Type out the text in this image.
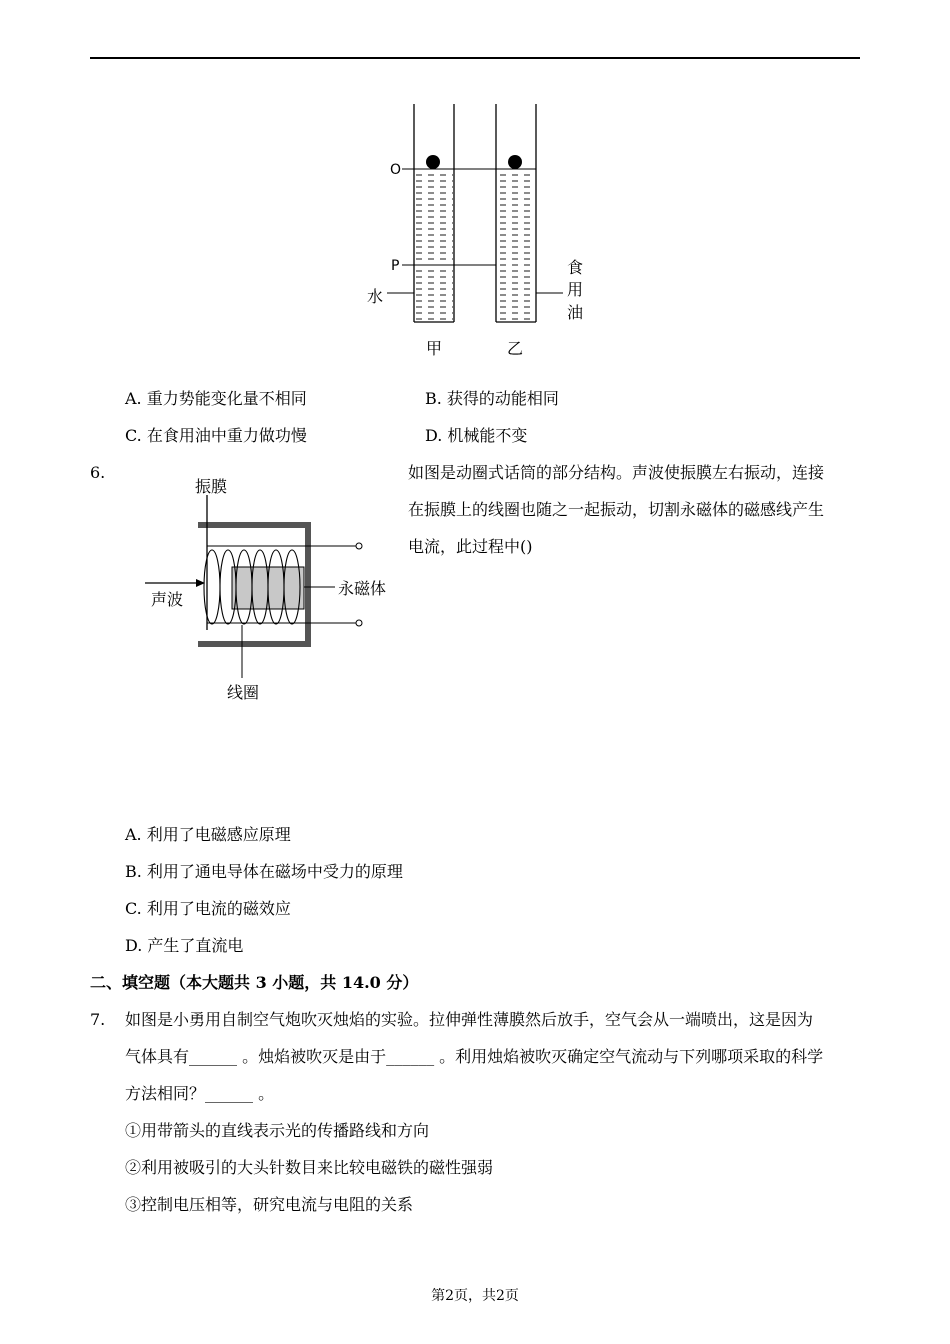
O
P
水
食
用
油
甲	乙
A. 重力势能变化量不相同	B. 获得的动能相同
C. 在食用油中重力做功慢	D. 机械能不变
6.	如图是动圈式话筒的部分结构。声波使振膜左右振动，连接
在振膜上的线圈也随之一起振动，切割永磁体的磁感线产生
电流，此过程中()
振膜
声波
永磁体
线圈
A. 利用了电磁感应原理
B. 利用了通电导体在磁场中受力的原理
C. 利用了电流的磁效应
D. 产生了直流电
二、填空题（本大题共 3 小题，共 14.0 分）
7. 如图是小勇用自制空气炮吹灭烛焰的实验。拉伸弹性薄膜然后放手，空气会从一端喷出，这是因为
气体具有______ 。烛焰被吹灭是由于______ 。利用烛焰被吹灭确定空气流动与下列哪项采取的科学
方法相同？______ 。
①用带箭头的直线表示光的传播路线和方向
②利用被吸引的大头针数目来比较电磁铁的磁性强弱
③控制电压相等，研究电流与电阻的关系
第2页，共2页
